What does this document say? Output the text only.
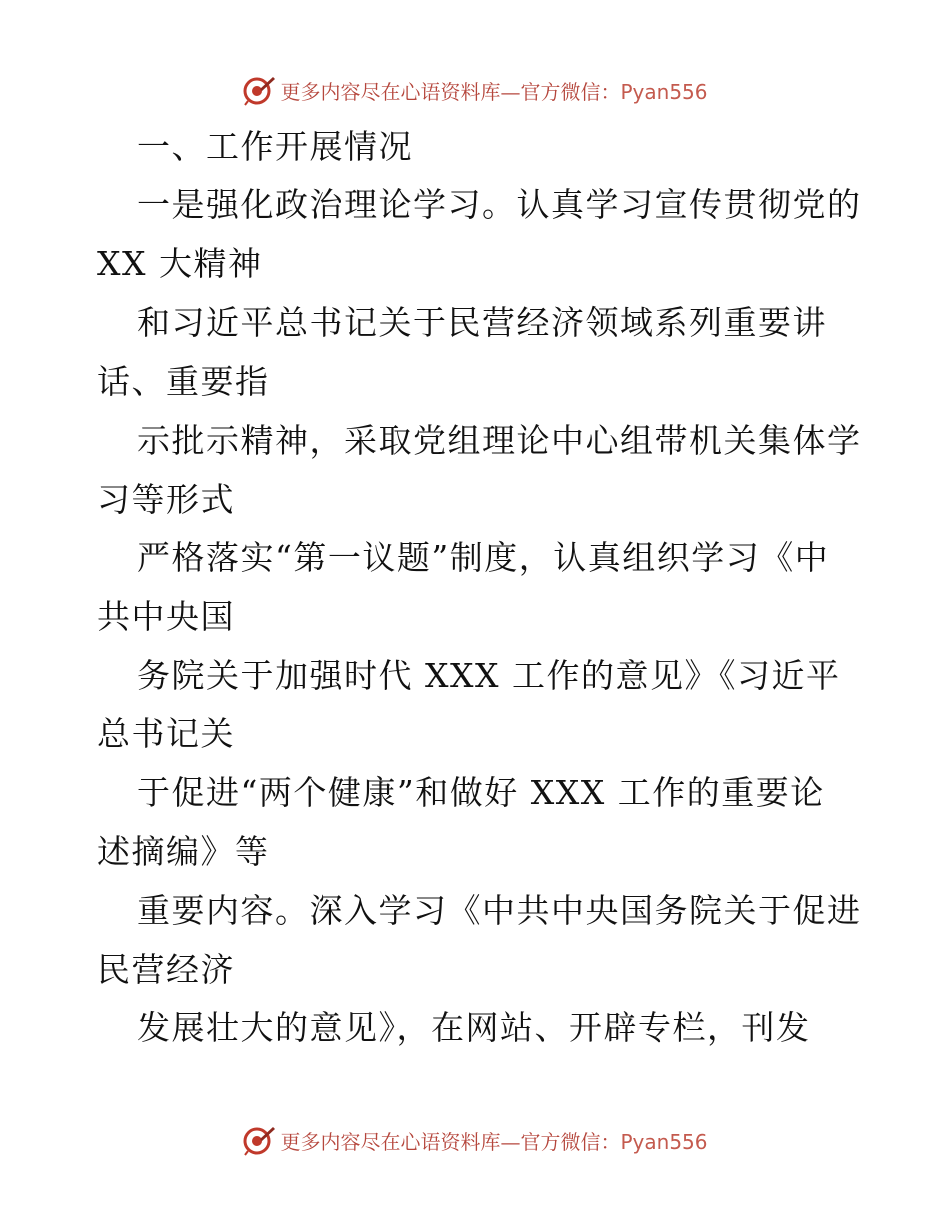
更多内容尽在心语资料库—官方微信：Pyan556
一、工作开展情况
一是强化政治理论学习。认真学习宣传贯彻党的
XX 大精神
和习近平总书记关于民营经济领域系列重要讲
话、重要指
示批示精神，采取党组理论中心组带机关集体学
习等形式
严格落实“第一议题”制度，认真组织学习《中
共中央国
务院关于加强时代 XXX 工作的意见》《习近平
总书记关
于促进“两个健康”和做好 XXX 工作的重要论
述摘编》等
重要内容。深入学习《中共中央国务院关于促进
民营经济
发展壮大的意见》，在网站、开辟专栏，刊发
更多内容尽在心语资料库—官方微信：Pyan556
